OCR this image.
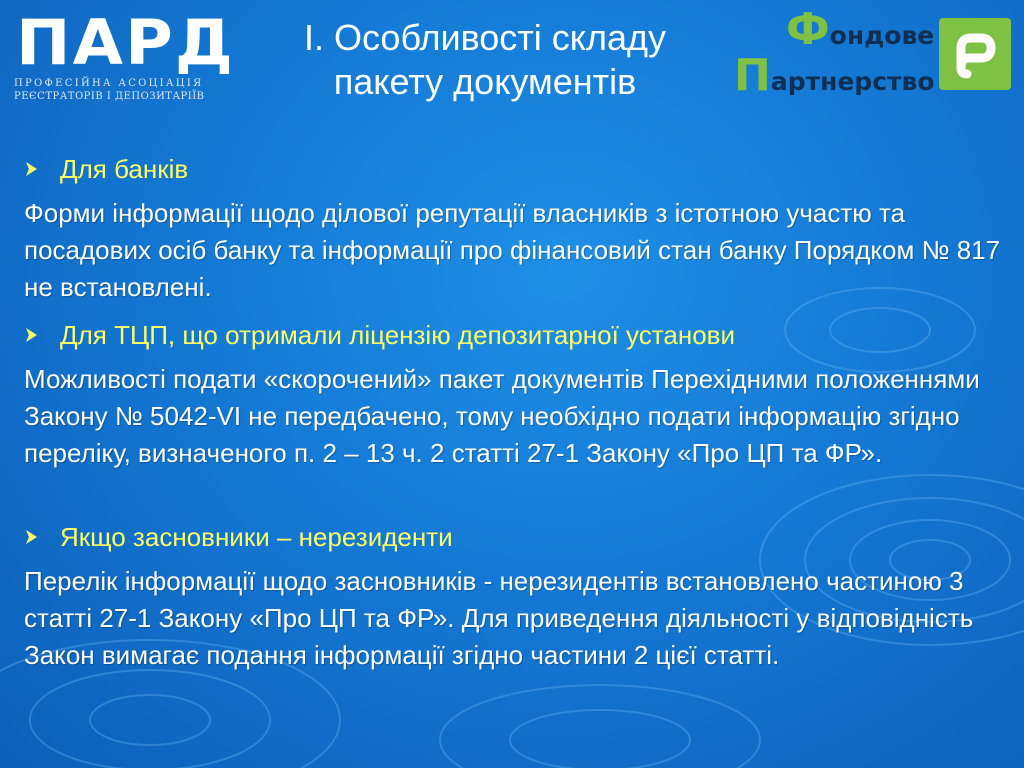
ПАРД
ПРОФЕСІЙНА АСОЦІАЦІЯ
РЕЄСТРАТОРІВ І ДЕПОЗИТАРІЇВ
І. Особливості складу
пакету документів
Фондове
Партнерство
Для банків
Форми інформації щодо ділової репутації власників з істотною участю та посадових осіб банку та інформації про фінансовий стан банку Порядком № 817 не встановлені.
Для ТЦП, що отримали ліцензію депозитарної установи
Можливості подати «скорочений» пакет документів Перехідними положеннями Закону № 5042-VI не передбачено, тому необхідно подати інформацію згідно переліку, визначеного п. 2 – 13 ч. 2 статті 27-1 Закону «Про ЦП та ФР».
Якщо засновники – нерезиденти
Перелік інформації щодо засновників - нерезидентів встановлено частиною 3 статті 27-1 Закону «Про ЦП та ФР». Для приведення діяльності у відповідність Закон вимагає подання інформації згідно частини 2 цієї статті.
